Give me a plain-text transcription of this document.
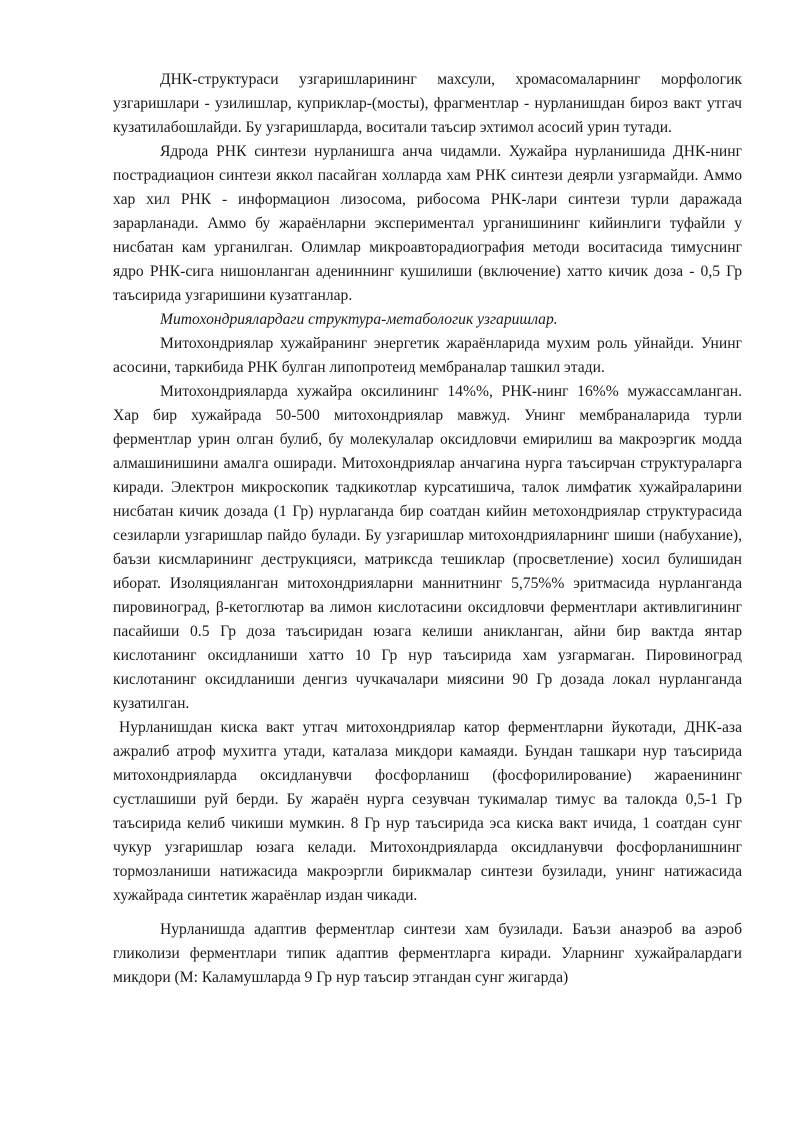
ДНК-структураси узгаришларининг махсули, хромасомаларнинг морфологик узгаришлари - узилишлар, куприклар-(мосты), фрагментлар - нурланишдан бироз вакт утгач кузатилабошлайди. Бу узгаришларда, воситали таъсир эхтимол асосий урин тутади.

Ядрода РНК синтези нурланишга анча чидамли. Хужайра нурланишида ДНК-нинг пострадиацион синтези яккол пасайган холларда хам РНК синтези деярли узгармайди. Аммо хар хил РНК - информацион лизосома, рибосома РНК-лари синтези турли даражада зарарланади. Аммо бу жараёнларни экспериментал урганишининг кийинлиги туфайли у нисбатан кам урганилган. Олимлар микроавторадиография методи воситасида тимуснинг ядро РНК-сига нишонланган адениннинг кушилиши (включение) хатто кичик доза - 0,5 Гр таъсирида узгаришини кузатганлар.

Митохондриялардаги структура-метабологик узгаришлар.

Митохондриялар хужайранинг энергетик жараёнларида мухим роль уйнайди. Унинг асосини, таркибида РНК булган липопротеид мембраналар ташкил этади.

Митохондрияларда хужайра оксилининг 14%%, РНК-нинг 16%% мужассамланган. Хар бир хужайрада 50-500 митохондриялар мавжуд. Унинг мембраналарида турли ферментлар урин олган булиб, бу молекулалар оксидловчи емирилиш ва макроэргик модда алмашинишини амалга оширади. Митохондриялар анчагина нурга таъсирчан структураларга киради. Электрон микроскопик тадкикотлар курсатишича, талок лимфатик хужайраларини нисбатан кичик дозада (1 Гр) нурлаганда бир соатдан кийин метохондриялар структурасида сезиларли узгаришлар пайдо булади. Бу узгаришлар митохондрияларнинг шиши (набухание), баъзи кисмларининг деструкцияси, матриксда тешиклар (просветление) хосил булишидан иборат. Изоляцияланган митохондрияларни маннитнинг 5,75%% эритмасида нурланганда пировиноград, β-кетоглютар ва лимон кислотасини оксидловчи ферментлари активлигининг пасайиши 0.5 Гр доза таъсиридан юзага келиши аникланган, айни бир вактда янтар кислотанинг оксидланиши хатто 10 Гр нур таъсирида хам узгармаган. Пировиноград кислотанинг оксидланиши денгиз чучкачалари миясини 90 Гр дозада локал нурланганда кузатилган.

Нурланишдан киска вакт утгач митохондриялар катор ферментларни йукотади, ДНК-аза ажралиб атроф мухитга утади, каталаза микдори камаяди. Бундан ташкари нур таъсирида митохондрияларда оксидланувчи фосфорланиш (фосфорилирование) жараенининг сустлашиши руй берди. Бу жараён нурга сезувчан тукималар тимус ва талокда 0,5-1 Гр таъсирида келиб чикиши мумкин. 8 Гр нур таъсирида эса киска вакт ичида, 1 соатдан сунг чукур узгаришлар юзага келади. Митохондрияларда оксидланувчи фосфорланишнинг тормозланиши натижасида макроэргли бирикмалар синтези бузилади, унинг натижасида хужайрада синтетик жараёнлар издан чикади.

Нурланишда адаптив ферментлар синтези хам бузилади. Баъзи анаэроб ва аэроб гликолизи ферментлари типик адаптив ферментларга киради. Уларнинг хужайралардаги микдори (М: Каламушларда 9 Гр нур таъсир этгандан сунг жигарда)
